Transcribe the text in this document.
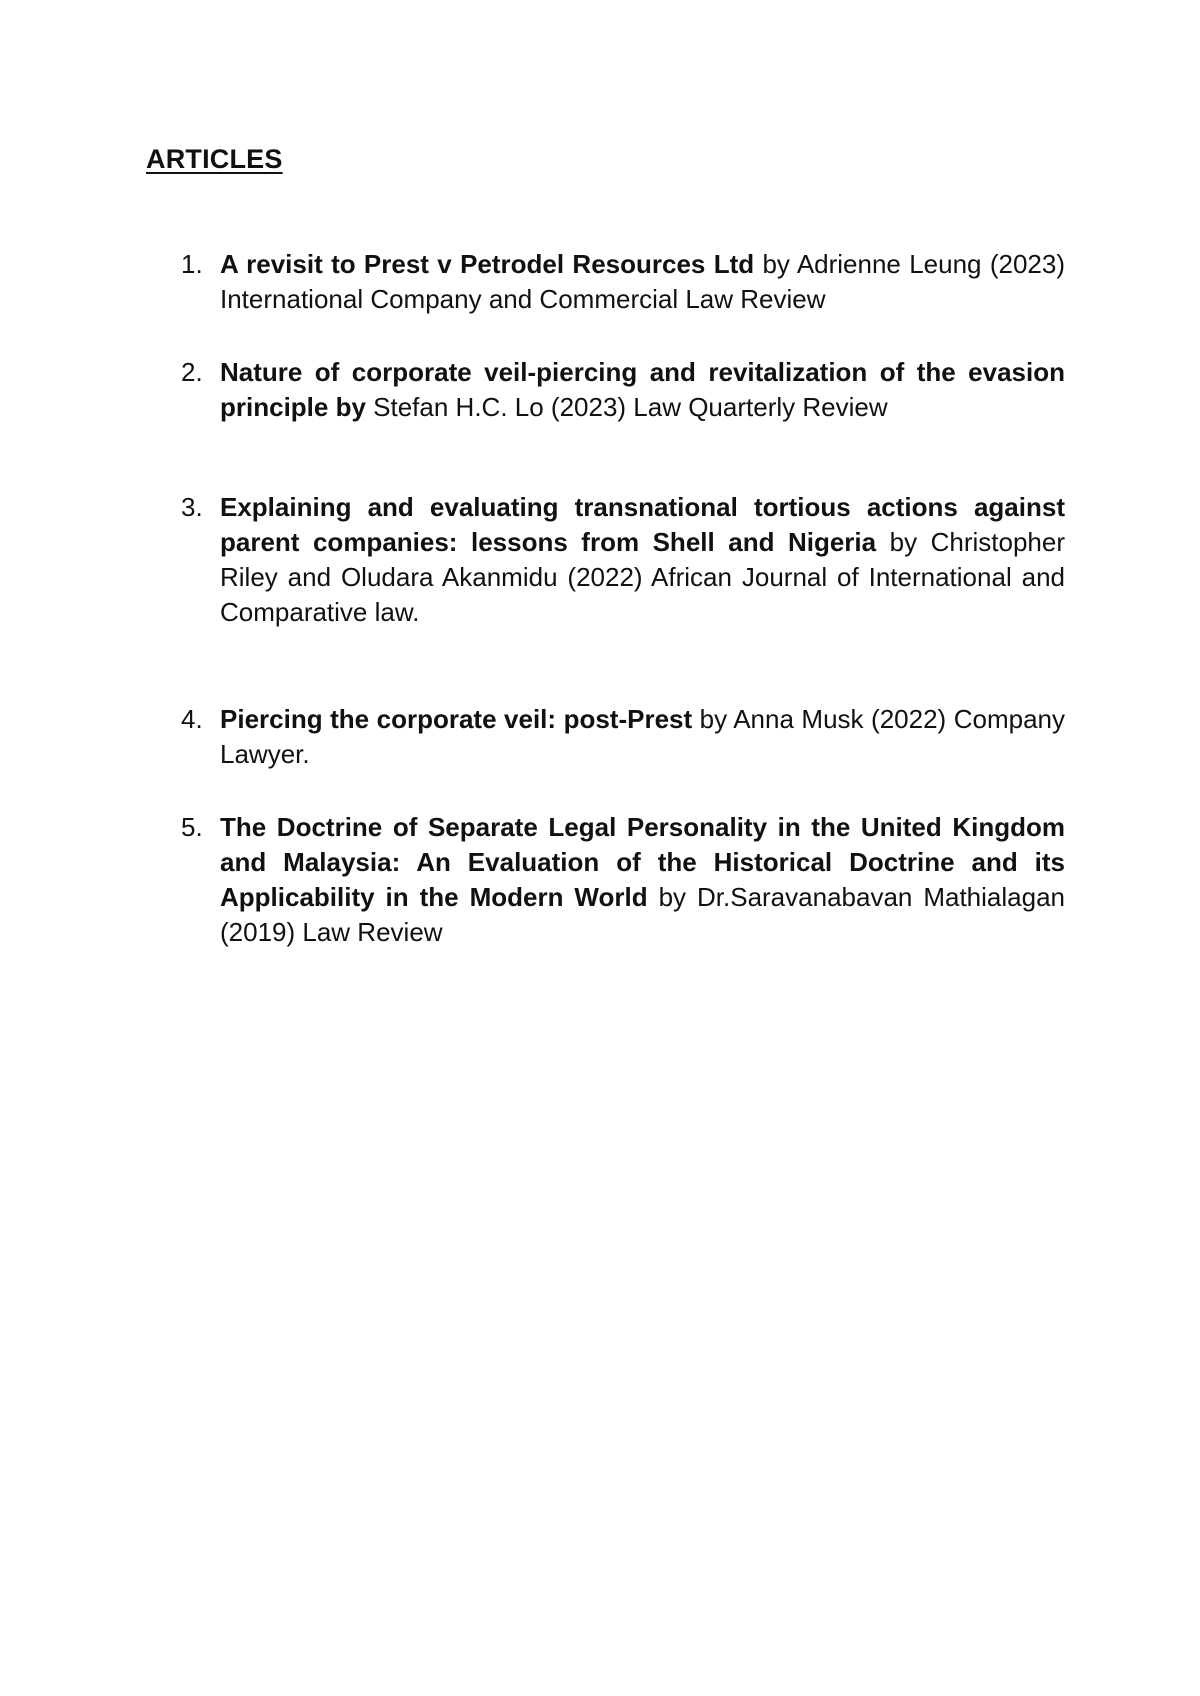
ARTICLES
1. A revisit to Prest v Petrodel Resources Ltd by Adrienne Leung (2023) International Company and Commercial Law Review
2. Nature of corporate veil-piercing and revitalization of the evasion principle by Stefan H.C. Lo (2023) Law Quarterly Review
3. Explaining and evaluating transnational tortious actions against parent companies: lessons from Shell and Nigeria by Christopher Riley and Oludara Akanmidu (2022) African Journal of International and Comparative law.
4. Piercing the corporate veil: post-Prest by Anna Musk (2022) Company Lawyer.
5. The Doctrine of Separate Legal Personality in the United Kingdom and Malaysia: An Evaluation of the Historical Doctrine and its Applicability in the Modern World by Dr.Saravanabavan Mathialagan (2019) Law Review
